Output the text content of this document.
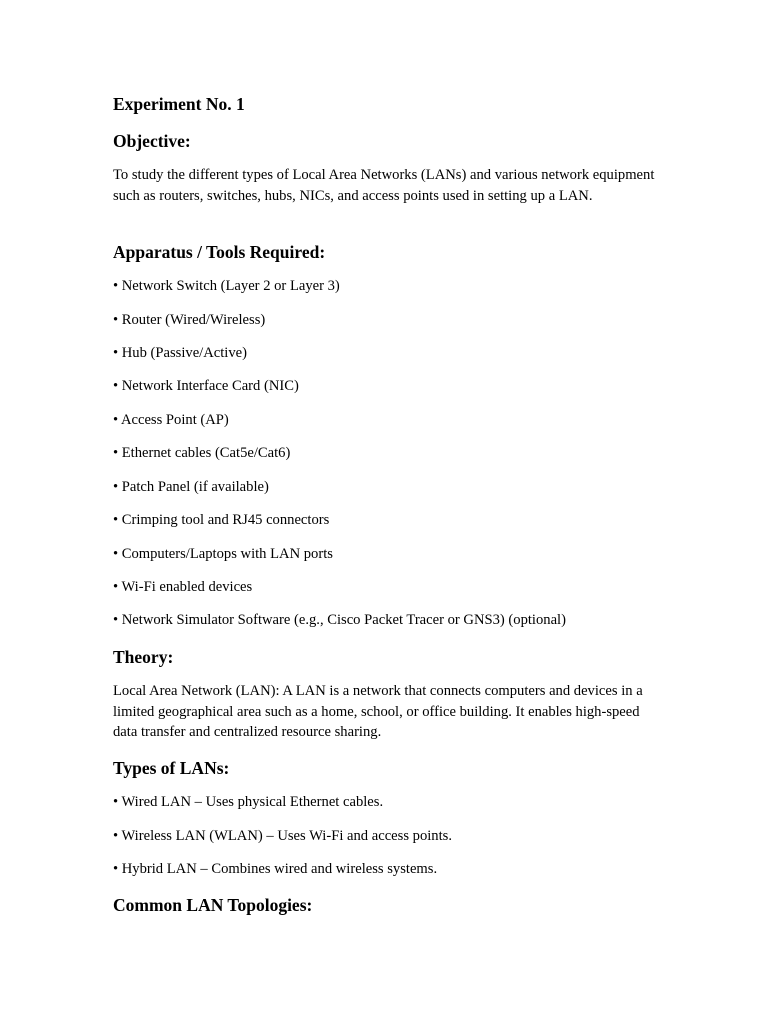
Experiment No. 1
Objective:

To study the different types of Local Area Networks (LANs) and various network equipment such as routers, switches, hubs, NICs, and access points used in setting up a LAN.

Apparatus / Tools Required:

• Network Switch (Layer 2 or Layer 3)

• Router (Wired/Wireless)

• Hub (Passive/Active)

• Network Interface Card (NIC)

• Access Point (AP)

• Ethernet cables (Cat5e/Cat6)

• Patch Panel (if available)

• Crimping tool and RJ45 connectors

• Computers/Laptops with LAN ports

• Wi-Fi enabled devices

• Network Simulator Software (e.g., Cisco Packet Tracer or GNS3) (optional)

Theory:

Local Area Network (LAN): A LAN is a network that connects computers and devices in a limited geographical area such as a home, school, or office building. It enables high-speed data transfer and centralized resource sharing.

Types of LANs:

• Wired LAN – Uses physical Ethernet cables.

• Wireless LAN (WLAN) – Uses Wi-Fi and access points.

• Hybrid LAN – Combines wired and wireless systems.

Common LAN Topologies:
